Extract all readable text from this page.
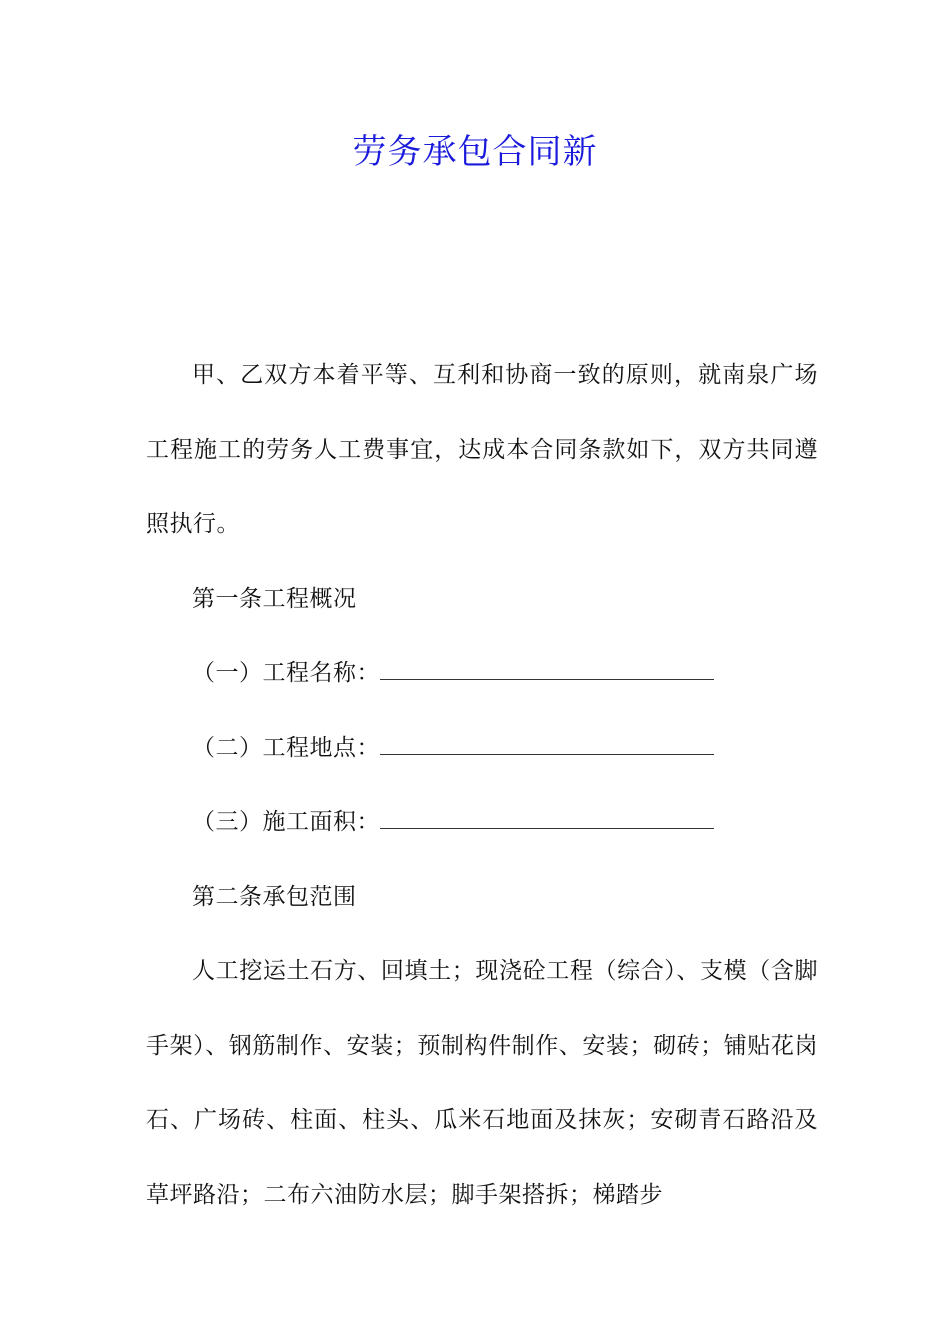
劳务承包合同新

甲、乙双方本着平等、互利和协商一致的原则，就南泉广场工程施工的劳务人工费事宜，达成本合同条款如下，双方共同遵照执行。

第一条工程概况

（一）工程名称：

（二）工程地点：

（三）施工面积：

第二条承包范围

人工挖运土石方、回填土；现浇砼工程（综合）、支模（含脚手架）、钢筋制作、安装；预制构件制作、安装；砌砖；铺贴花岗石、广场砖、柱面、柱头、瓜米石地面及抹灰；安砌青石路沿及草坪路沿；二布六油防水层；脚手架搭拆；梯踏步
